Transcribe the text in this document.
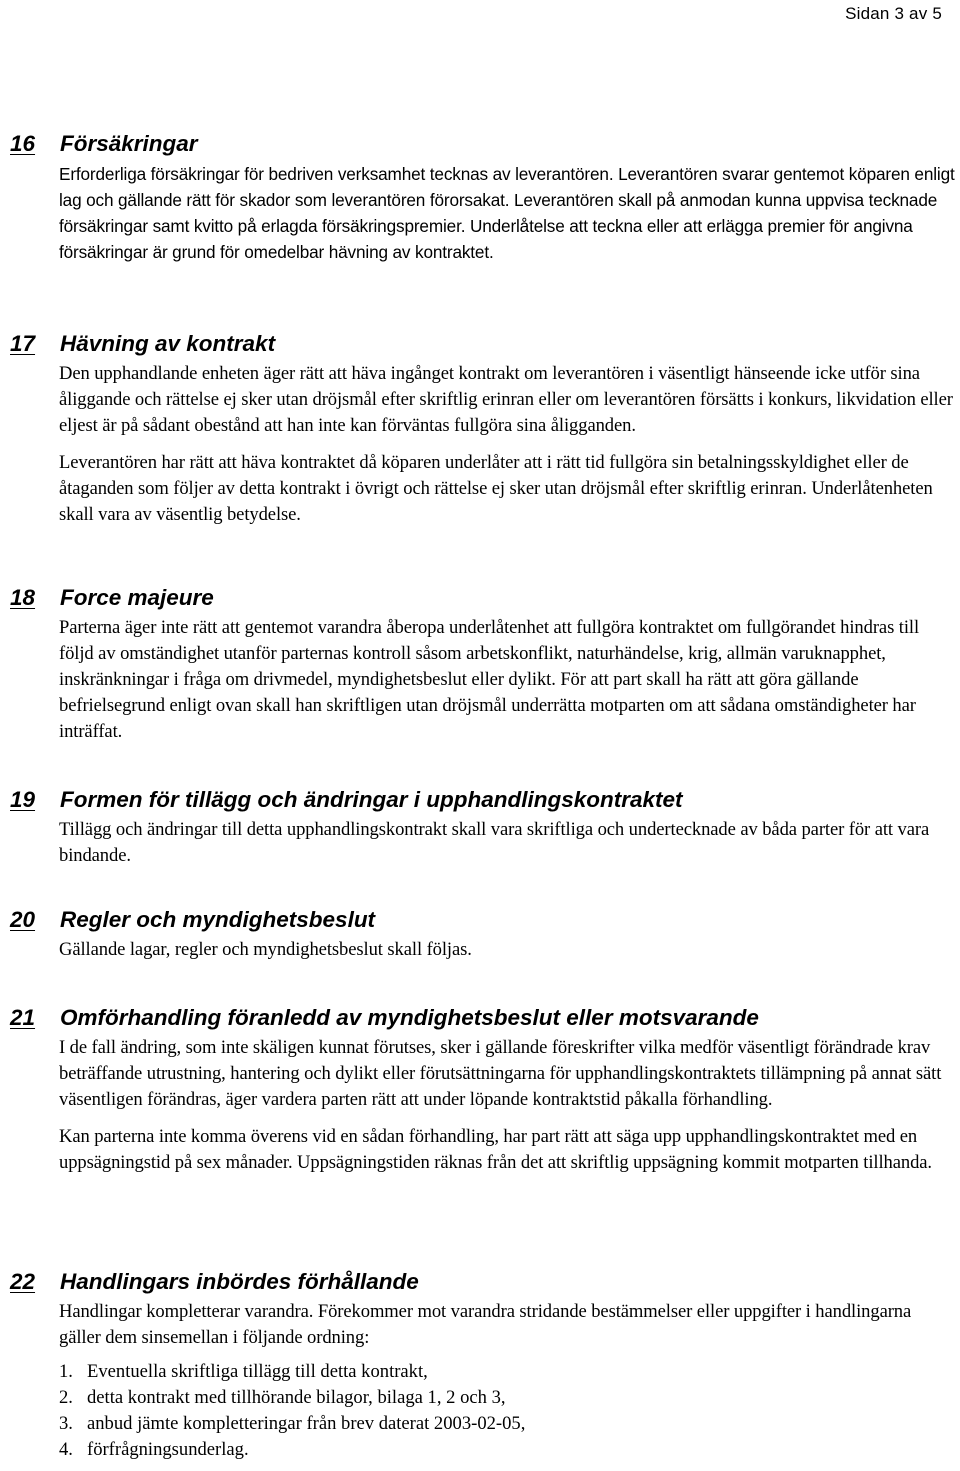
Sidan 3 av 5
16 Försäkringar

Erforderliga försäkringar för bedriven verksamhet tecknas av leverantören. Leverantören svarar gentemot köparen enligt lag och gällande rätt för skador som leverantören förorsakat. Leverantören skall på anmodan kunna uppvisa tecknade försäkringar samt kvitto på erlagda försäkringspremier. Underlåtelse att teckna eller att erlägga premier för angivna försäkringar är grund för omedelbar hävning av kontraktet.

17 Hävning av kontrakt

Den upphandlande enheten äger rätt att häva ingånget kontrakt om leverantören i väsentligt hänseende icke utför sina åliggande och rättelse ej sker utan dröjsmål efter skriftlig erinran eller om leverantören försätts i konkurs, likvidation eller eljest är på sådant obestånd att han inte kan förväntas fullgöra sina åligganden.

Leverantören har rätt att häva kontraktet då köparen underlåter att i rätt tid fullgöra sin betalningsskyldighet eller de åtaganden som följer av detta kontrakt i övrigt och rättelse ej sker utan dröjsmål efter skriftlig erinran. Underlåtenheten skall vara av väsentlig betydelse.

18 Force majeure

Parterna äger inte rätt att gentemot varandra åberopa underlåtenhet att fullgöra kontraktet om fullgörandet hindras till följd av omständighet utanför parternas kontroll såsom arbetskonflikt, naturhändelse, krig, allmän varuknapphet, inskränkningar i fråga om drivmedel, myndighetsbeslut eller dylikt. För att part skall ha rätt att göra gällande befrielsegrund enligt ovan skall han skriftligen utan dröjsmål underrätta motparten om att sådana omständigheter har inträffat.

19 Formen för tillägg och ändringar i upphandlingskontraktet

Tillägg och ändringar till detta upphandlingskontrakt skall vara skriftliga och undertecknade av båda parter för att vara bindande.

20 Regler och myndighetsbeslut

Gällande lagar, regler och myndighetsbeslut skall följas.

21 Omförhandling föranledd av myndighetsbeslut eller motsvarande

I de fall ändring, som inte skäligen kunnat förutses, sker i gällande föreskrifter vilka medför väsentligt förändrade krav beträffande utrustning, hantering och dylikt eller förutsättningarna för upphandlingskontraktets tillämpning på annat sätt väsentligen förändras, äger vardera parten rätt att under löpande kontraktstid påkalla förhandling.

Kan parterna inte komma överens vid en sådan förhandling, har part rätt att säga upp upphandlingskontraktet med en uppsägningstid på sex månader. Uppsägningstiden räknas från det att skriftlig uppsägning kommit motparten tillhanda.

22 Handlingars inbördes förhållande

Handlingar kompletterar varandra. Förekommer mot varandra stridande bestämmelser eller uppgifter i handlingarna gäller dem sinsemellan i följande ordning:

1. Eventuella skriftliga tillägg till detta kontrakt,
2. detta kontrakt med tillhörande bilagor, bilaga 1, 2 och 3,
3. anbud jämte kompletteringar från brev daterat 2003-02-05,
4. förfrågningsunderlag.
